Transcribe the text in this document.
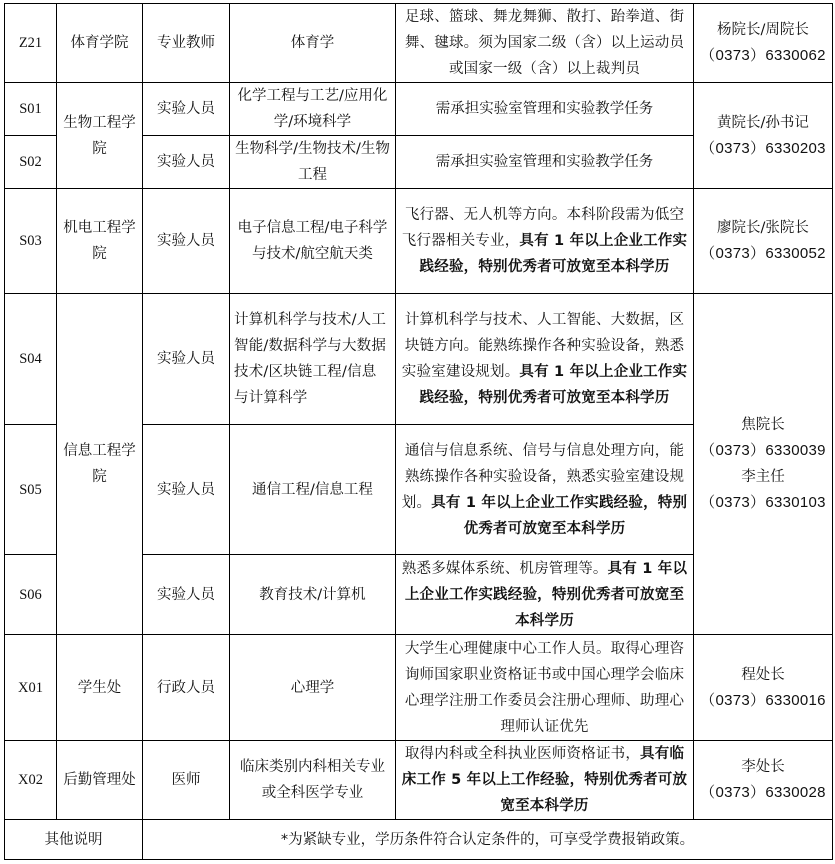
Z21	体育学院	专业教师	体育学	足球、篮球、舞龙舞狮、散打、跆拳道、街舞、毽球。须为国家二级（含）以上运动员或国家一级（含）以上裁判员	杨院长/周院长
（0373）6330062

S01	生物工程学院	实验人员	化学工程与工艺/应用化学/环境科学	需承担实验室管理和实验教学任务	黄院长/孙书记
（0373）6330203

S02		实验人员	生物科学/生物技术/生物工程	需承担实验室管理和实验教学任务	
S03	机电工程学院	实验人员	电子信息工程/电子科学与技术/航空航天类	飞行器、无人机等方向。本科阶段需为低空飞行器相关专业，具有 1 年以上企业工作实践经验，特别优秀者可放宽至本科学历	廖院长/张院长
（0373）6330052

S04	信息工程学院	实验人员	计算机科学与技术/人工智能/数据科学与大数据技术/区块链工程/信息与计算科学	计算机科学与技术、人工智能、大数据，区块链方向。能熟练操作各种实验设备，熟悉实验室建设规划。具有 1 年以上企业工作实践经验，特别优秀者可放宽至本科学历	焦院长
（0373）6330039
李主任
（0373）6330103

S05		实验人员	通信工程/信息工程	通信与信息系统、信号与信息处理方向，能熟练操作各种实验设备，熟悉实验室建设规划。具有 1 年以上企业工作实践经验，特别优秀者可放宽至本科学历	
S06		实验人员	教育技术/计算机	熟悉多媒体系统、机房管理等。具有 1 年以上企业工作实践经验，特别优秀者可放宽至本科学历	
X01	学生处	行政人员	心理学	大学生心理健康中心工作人员。取得心理咨询师国家职业资格证书或中国心理学会临床心理学注册工作委员会注册心理师、助理心理师认证优先	程处长
（0373）6330016

X02	后勤管理处	医师	临床类别内科相关专业或全科医学专业	取得内科或全科执业医师资格证书，具有临床工作 5 年以上工作经验，特别优秀者可放宽至本科学历	李处长
（0373）6330028

其他说明		*为紧缺专业，学历条件符合认定条件的，可享受学费报销政策。			
